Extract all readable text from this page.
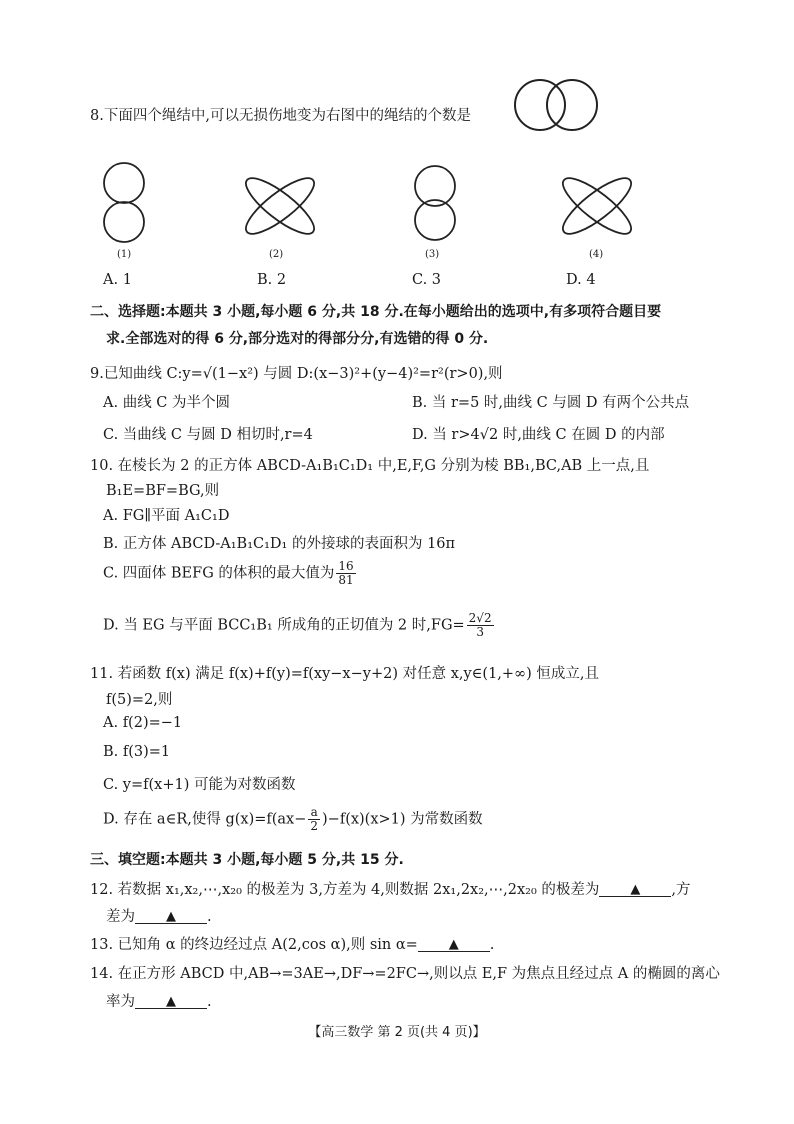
8.下面四个绳结中,可以无损伤地变为右图中的绳结的个数是
(1)	(2)	(3)	(4)
A. 1	B. 2	C. 3	D. 4
二、选择题:本题共 3 小题,每小题 6 分,共 18 分.在每小题给出的选项中,有多项符合题目要
求.全部选对的得 6 分,部分选对的得部分分,有选错的得 0 分.
9.已知曲线 C:y=√(1−x²) 与圆 D:(x−3)²+(y−4)²=r²(r>0),则
A. 曲线 C 为半个圆	B. 当 r=5 时,曲线 C 与圆 D 有两个公共点
C. 当曲线 C 与圆 D 相切时,r=4	D. 当 r>4√2 时,曲线 C 在圆 D 的内部
10. 在棱长为 2 的正方体 ABCD-A₁B₁C₁D₁ 中,E,F,G 分别为棱 BB₁,BC,AB 上一点,且
B₁E=BF=BG,则
A. FG∥平面 A₁C₁D
B. 正方体 ABCD-A₁B₁C₁D₁ 的外接球的表面积为 16π
C. 四面体 BEFG 的体积的最大值为 $\frac{16}{81}$
D. 当 EG 与平面 BCC₁B₁ 所成角的正切值为 2 时$,FG= \frac{2√2}{3}$
11. 若函数 f(x) 满足 f(x)+f(y)=f(xy−x−y+2) 对任意 x,y∈(1,+∞) 恒成立,且
f(5)=2,则
A. f(2)=−1
B. f(3)=1
C. y=f(x+1) 可能为对数函数
D. 存在 a∈R,使得 $g(x)=f(ax- \frac{a}{2} )-f(x)(x>1)$ 为常数函数
三、填空题:本题共 3 小题,每小题 5 分,共 15 分.
12. 若数据 x₁,x₂,⋯,x₂₀ 的极差为 3,方差为 4,则数据 2x₁,2x₂,⋯,2x₂₀ 的极差为 ▲ ,方
差为 ▲ .
13. 已知角 α 的终边经过点 A(2,cos α),则 sin α= ▲ .
14. 在正方形 ABCD 中,AB→=3AE→,DF→=2FC→,则以点 E,F 为焦点且经过点 A 的椭圆的离心
率为 ▲ .
【高三数学 第 2 页(共 4 页)】
